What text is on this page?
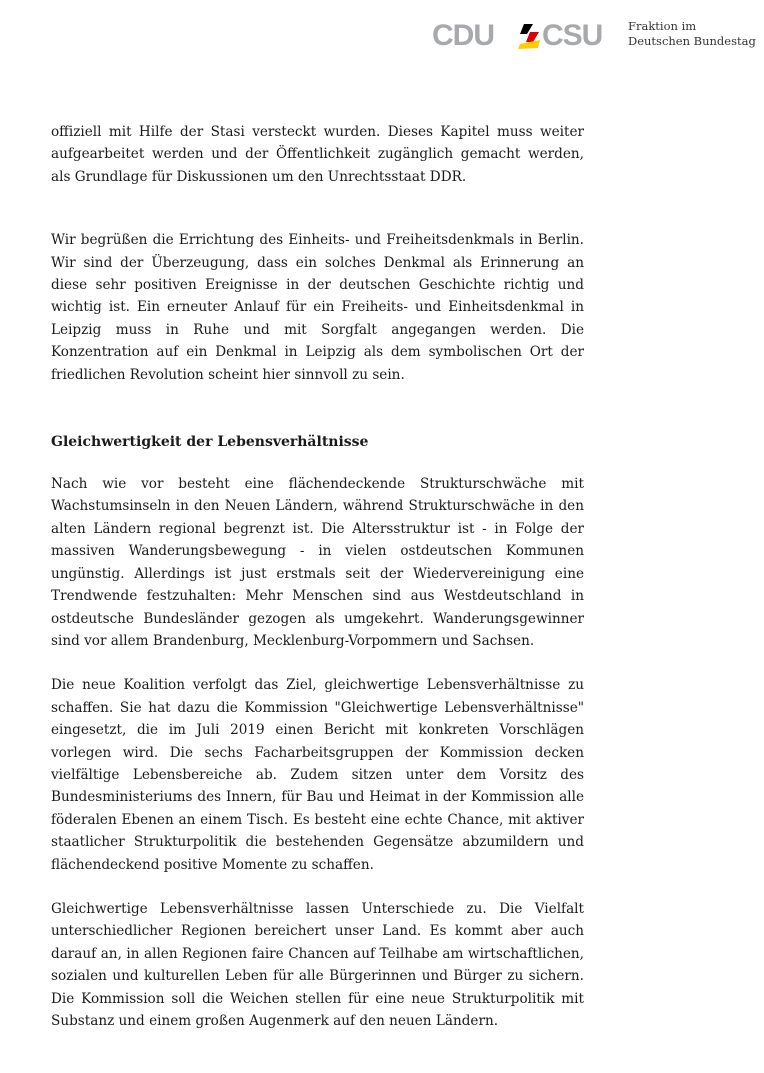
CDU CSU Fraktion im
Deutschen Bundestag

offiziell mit Hilfe der Stasi versteckt wurden. Dieses Kapitel muss weiter aufgearbeitet werden und der Öffentlichkeit zugänglich gemacht werden, als Grundlage für Diskussionen um den Unrechtsstaat DDR.

Wir begrüßen die Errichtung des Einheits- und Freiheitsdenkmals in Berlin. Wir sind der Überzeugung, dass ein solches Denkmal als Erinnerung an diese sehr positiven Ereignisse in der deutschen Geschichte richtig und wichtig ist. Ein erneuter Anlauf für ein Freiheits- und Einheitsdenkmal in Leipzig muss in Ruhe und mit Sorgfalt angegangen werden. Die Konzentration auf ein Denkmal in Leipzig als dem symbolischen Ort der friedlichen Revolution scheint hier sinnvoll zu sein.

Gleichwertigkeit der Lebensverhältnisse

Nach wie vor besteht eine flächendeckende Strukturschwäche mit Wachstumsinseln in den Neuen Ländern, während Strukturschwäche in den alten Ländern regional begrenzt ist. Die Altersstruktur ist - in Folge der massiven Wanderungsbewegung - in vielen ostdeutschen Kommunen ungünstig. Allerdings ist just erstmals seit der Wiedervereinigung eine Trendwende festzuhalten: Mehr Menschen sind aus Westdeutschland in ostdeutsche Bundesländer gezogen als umgekehrt. Wanderungsgewinner sind vor allem Brandenburg, Mecklenburg-Vorpommern und Sachsen.

Die neue Koalition verfolgt das Ziel, gleichwertige Lebensverhältnisse zu schaffen. Sie hat dazu die Kommission "Gleichwertige Lebensverhältnisse" eingesetzt, die im Juli 2019 einen Bericht mit konkreten Vorschlägen vorlegen wird. Die sechs Facharbeitsgruppen der Kommission decken vielfältige Lebensbereiche ab. Zudem sitzen unter dem Vorsitz des Bundesministeriums des Innern, für Bau und Heimat in der Kommission alle föderalen Ebenen an einem Tisch. Es besteht eine echte Chance, mit aktiver staatlicher Strukturpolitik die bestehenden Gegensätze abzumildern und flächendeckend positive Momente zu schaffen.

Gleichwertige Lebensverhältnisse lassen Unterschiede zu. Die Vielfalt unterschiedlicher Regionen bereichert unser Land. Es kommt aber auch darauf an, in allen Regionen faire Chancen auf Teilhabe am wirtschaftlichen, sozialen und kulturellen Leben für alle Bürgerinnen und Bürger zu sichern. Die Kommission soll die Weichen stellen für eine neue Strukturpolitik mit Substanz und einem großen Augenmerk auf den neuen Ländern.
